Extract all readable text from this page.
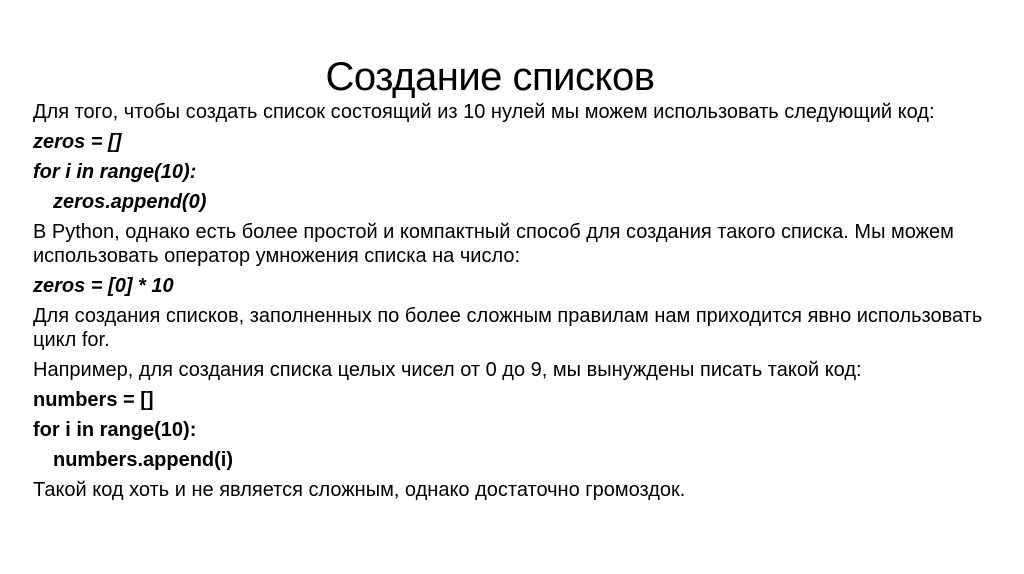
Создание списков

Для того, чтобы создать список состоящий из 10 нулей мы можем использовать следующий код:

zeros = []

for i in range(10):

zeros.append(0)

В Python, однако есть более простой и компактный способ для создания такого списка. Мы можем использовать оператор умножения списка на число:

zeros = [0] * 10

Для создания списков, заполненных по более сложным правилам нам приходится явно использовать цикл for.

Например, для создания списка целых чисел от 0 до 9, мы вынуждены писать такой код:

numbers = []

for i in range(10):

numbers.append(i)

Такой код хоть и не является сложным, однако достаточно громоздок.
